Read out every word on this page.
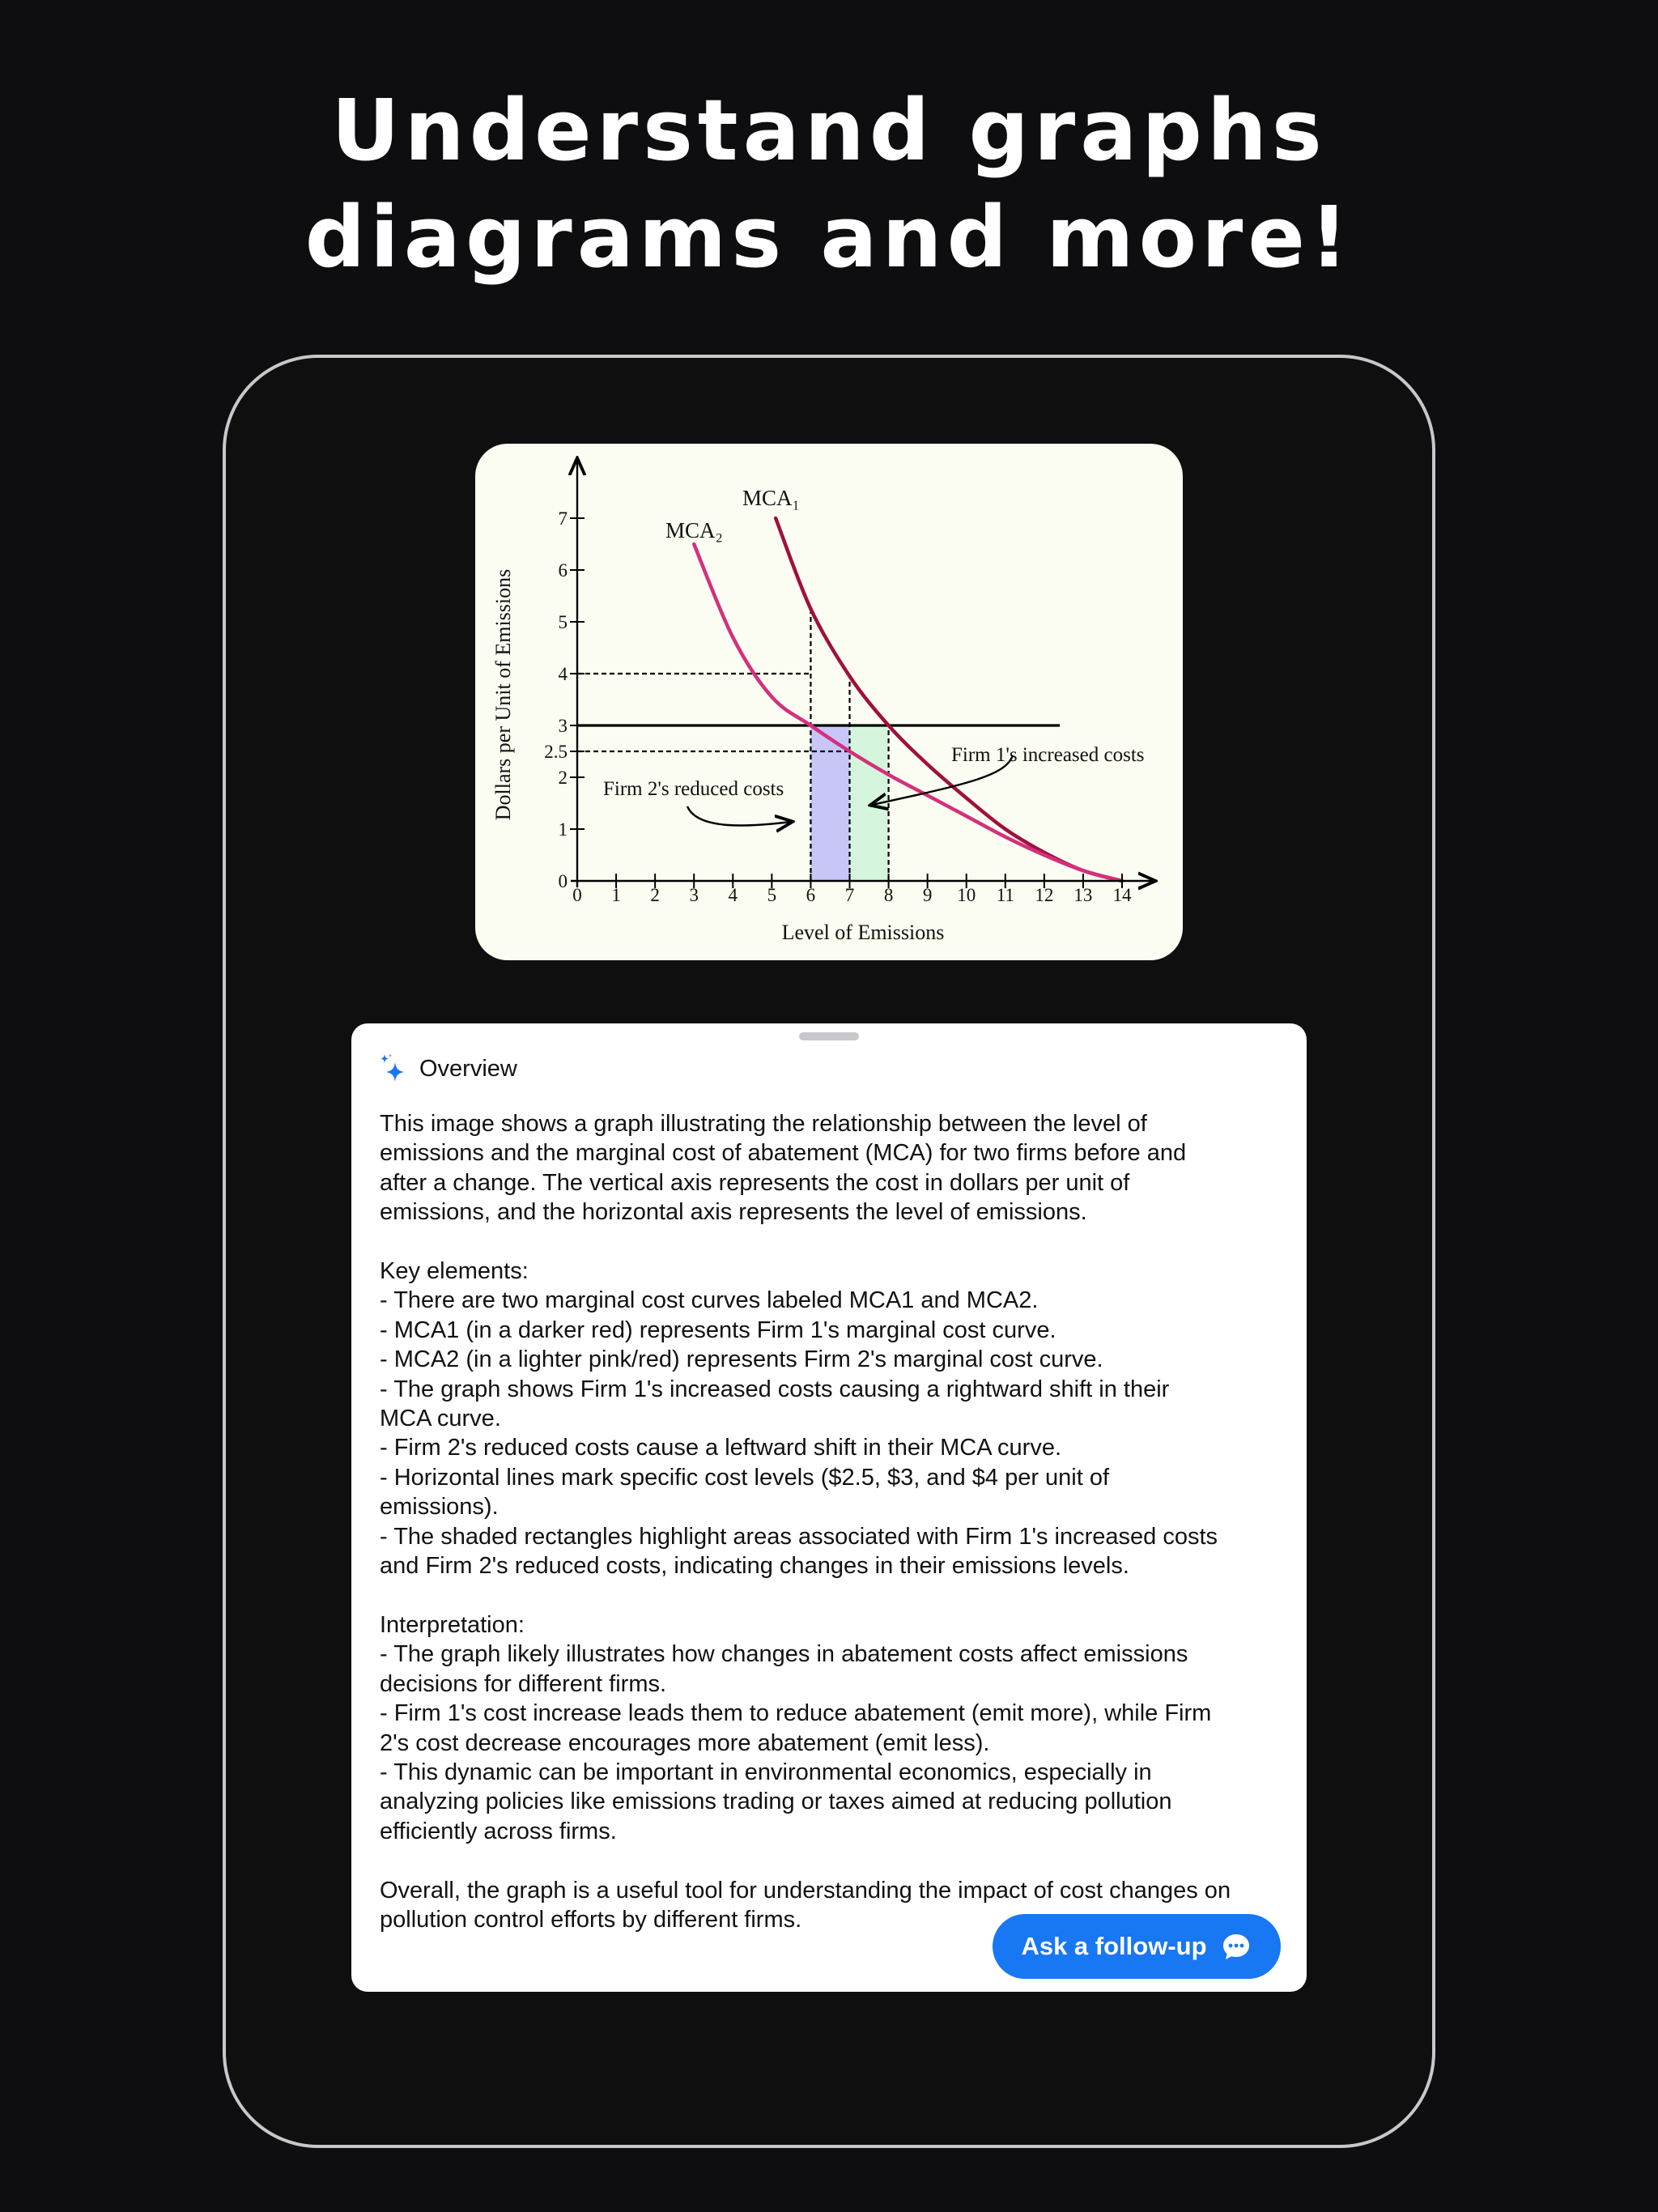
Understand graphs
diagrams and more!
0 1 2 3 4 5 6 7 8 9 10 11 12 13 14
0
1
2
2.5
3
4
5
6
7
Level of Emissions
Dollars per Unit of Emissions
MCA₁
MCA₂
Firm 1's increased costs
Firm 2's reduced costs
Overview

This image shows a graph illustrating the relationship between the level of
emissions and the marginal cost of abatement (MCA) for two firms before and
after a change. The vertical axis represents the cost in dollars per unit of
emissions, and the horizontal axis represents the level of emissions.

Key elements:
- There are two marginal cost curves labeled MCA1 and MCA2.
- MCA1 (in a darker red) represents Firm 1's marginal cost curve.
- MCA2 (in a lighter pink/red) represents Firm 2's marginal cost curve.
- The graph shows Firm 1's increased costs causing a rightward shift in their
MCA curve.
- Firm 2's reduced costs cause a leftward shift in their MCA curve.
- Horizontal lines mark specific cost levels ($2.5, $3, and $4 per unit of
emissions).
- The shaded rectangles highlight areas associated with Firm 1's increased costs
and Firm 2's reduced costs, indicating changes in their emissions levels.

Interpretation:
- The graph likely illustrates how changes in abatement costs affect emissions
decisions for different firms.
- Firm 1's cost increase leads them to reduce abatement (emit more), while Firm
2's cost decrease encourages more abatement (emit less).
- This dynamic can be important in environmental economics, especially in
analyzing policies like emissions trading or taxes aimed at reducing pollution
efficiently across firms.

Overall, the graph is a useful tool for understanding the impact of cost changes on
pollution control efforts by different firms.

Ask a follow-up
